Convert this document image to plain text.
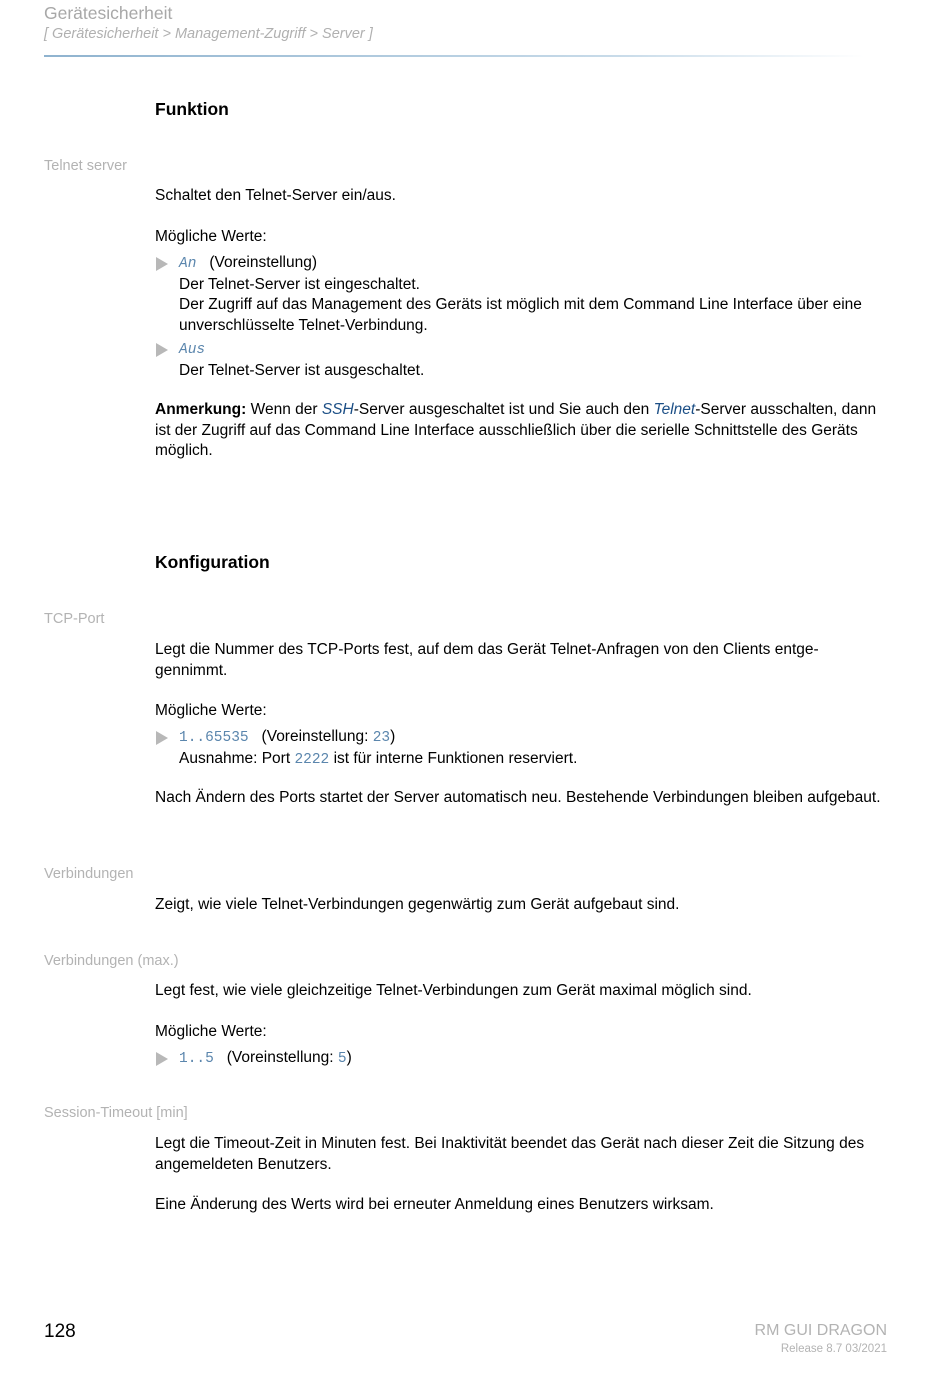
Gerätesicherheit
[ Gerätesicherheit > Management-Zugriff > Server ]
Funktion
Telnet server
Schaltet den Telnet-Server ein/aus.
Mögliche Werte:
An (Voreinstellung)
Der Telnet-Server ist eingeschaltet.
Der Zugriff auf das Management des Geräts ist möglich mit dem Command Line Interface über eine unverschlüsselte Telnet-Verbindung.
Aus
Der Telnet-Server ist ausgeschaltet.
Anmerkung: Wenn der SSH-Server ausgeschaltet ist und Sie auch den Telnet-Server ausschalten, dann ist der Zugriff auf das Command Line Interface ausschließlich über die serielle Schnittstelle des Geräts möglich.
Konfiguration
TCP-Port
Legt die Nummer des TCP-Ports fest, auf dem das Gerät Telnet-Anfragen von den Clients entge-gennimmt.
Mögliche Werte:
1..65535 (Voreinstellung: 23)
Ausnahme: Port 2222 ist für interne Funktionen reserviert.
Nach Ändern des Ports startet der Server automatisch neu. Bestehende Verbindungen bleiben aufgebaut.
Verbindungen
Zeigt, wie viele Telnet-Verbindungen gegenwärtig zum Gerät aufgebaut sind.
Verbindungen (max.)
Legt fest, wie viele gleichzeitige Telnet-Verbindungen zum Gerät maximal möglich sind.
Mögliche Werte:
1..5 (Voreinstellung: 5)
Session-Timeout [min]
Legt die Timeout-Zeit in Minuten fest. Bei Inaktivität beendet das Gerät nach dieser Zeit die Sitzung des angemeldeten Benutzers.
Eine Änderung des Werts wird bei erneuter Anmeldung eines Benutzers wirksam.
128	RM GUI DRAGON
Release 8.7 03/2021
